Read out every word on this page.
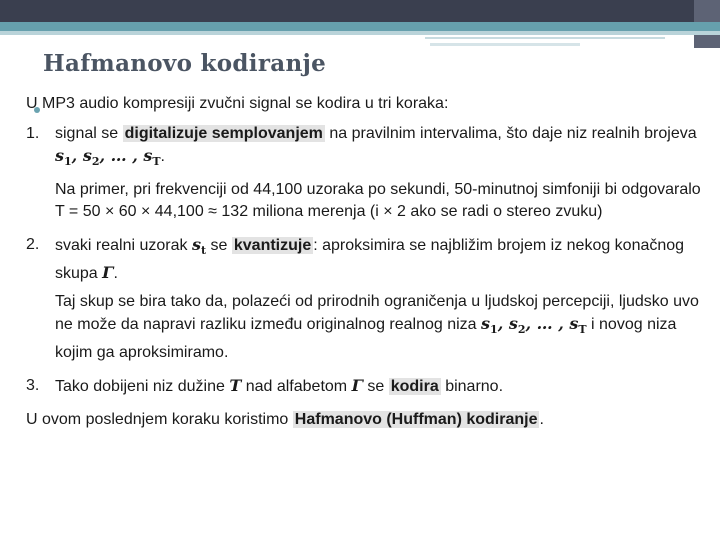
Hafmanovo kodiranje

U MP3 audio kompresiji zvučni signal se kodira u tri koraka:

1. signal se digitalizuje semplovanjem na pravilnim intervalima, što daje niz realnih brojeva $s_1$, $s_2$, … , $s_T$.

Na primer, pri frekvenciji od 44,100 uzoraka po sekundi, 50-minutnoj simfoniji bi odgovaralo T = 50 × 60 × 44,100 ≈ 132 miliona merenja (i × 2 ako se radi o stereo zvuku)

2. svaki realni uzorak $s_t$ se kvantizuje : aproksimira se najbližim brojem iz nekog konačnog skupa Γ.

Taj skup se bira tako da, polazeći od prirodnih ograničenja u ljudskoj percepciji, ljudsko uvo ne može da napravi razliku između originalnog realnog niza $s_1$, $s_2$, … , $s_T$ i novog niza kojim ga aproksimiramo.

3. Tako dobijeni niz dužine T nad alfabetom Γ se kodira binarno.

U ovom poslednjem koraku koristimo Hafmanovo (Huffman) kodiranje .
